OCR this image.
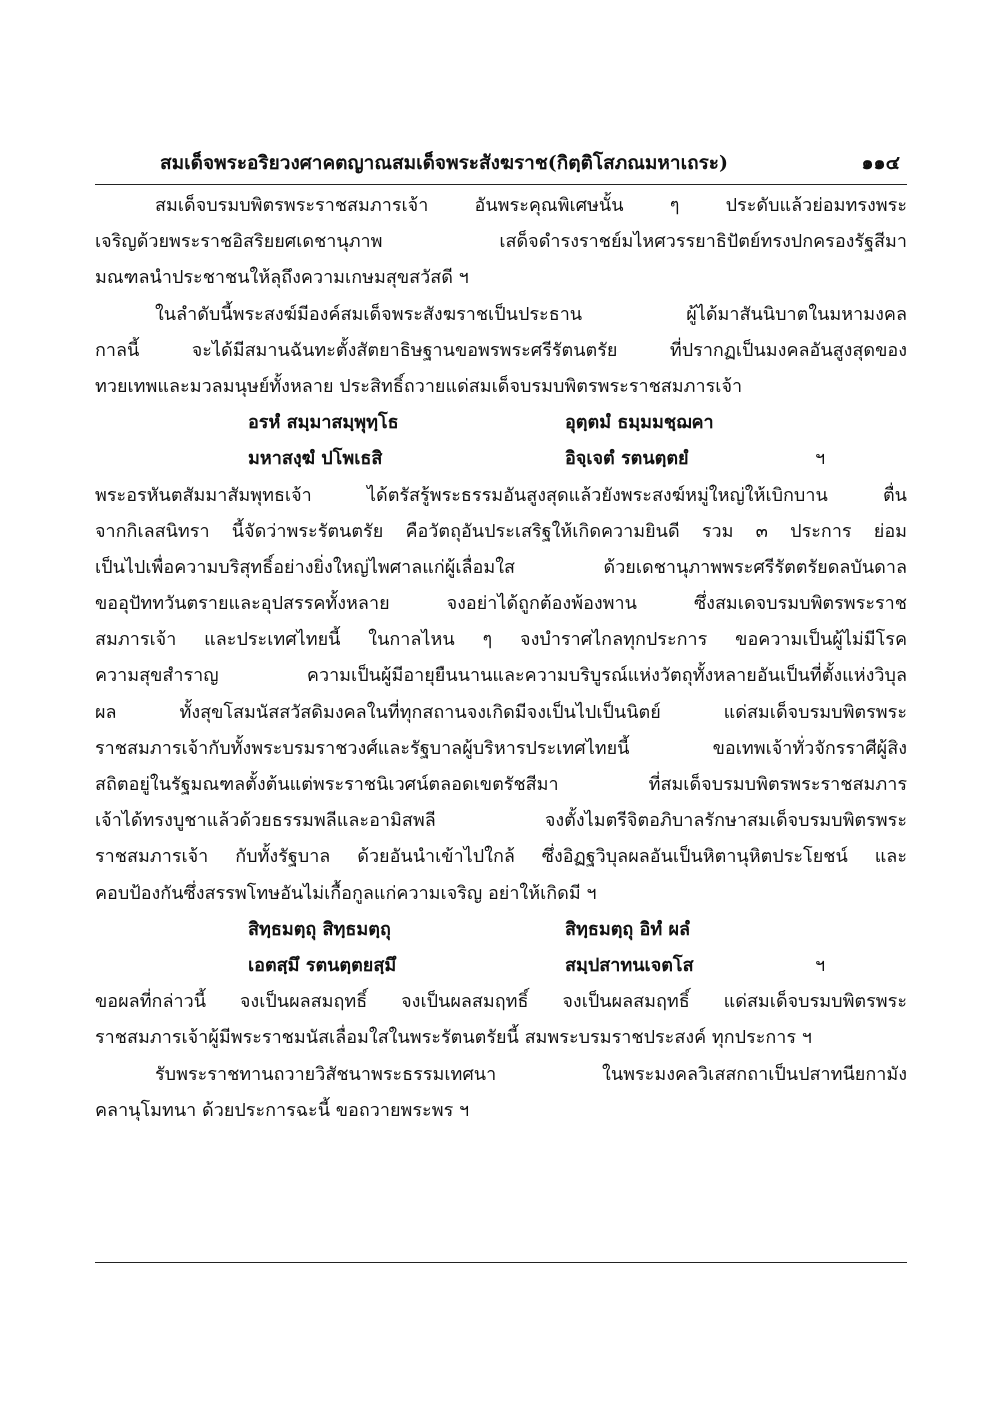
สมเด็จพระอริยวงศาคตญาณสมเด็จพระสังฆราช(กิตฺติโสภณมหาเถระ)	๑๑๔
สมเด็จบรมบพิตรพระราชสมภารเจ้า อันพระคุณพิเศษนั้น ๆ ประดับแล้วย่อมทรงพระ
เจริญด้วยพระราชอิสริยยศเดชานุภาพ เสด็จดำรงราชย์มไหศวรรยาธิปัตย์ทรงปกครองรัฐสีมา
มณฑลนำประชาชนให้ลุถึงความเกษมสุขสวัสดี ฯ
ในลำดับนี้พระสงฆ์มีองค์สมเด็จพระสังฆราชเป็นประธาน ผู้ได้มาสันนิบาตในมหามงคล
กาลนี้ จะได้มีสมานฉันทะตั้งสัตยาธิษฐานขอพรพระศรีรัตนตรัย ที่ปรากฏเป็นมงคลอันสูงสุดของ
ทวยเทพและมวลมนุษย์ทั้งหลาย ประสิทธิ์ถวายแด่สมเด็จบรมบพิตรพระราชสมภารเจ้า
อรหํ สมฺมาสมฺพุทฺโธ	อุตฺตมํ ธมฺมมชฺฌคา
มหาสงฺฆํ ปโพเธสิ	อิจฺเจตํ รตนตฺตยํ	ฯ
พระอรหันตสัมมาสัมพุทธเจ้า ได้ตรัสรู้พระธรรมอันสูงสุดแล้วยังพระสงฆ์หมู่ใหญ่ให้เบิกบาน ตื่น
จากกิเลสนิทรา นี้จัดว่าพระรัตนตรัย คือวัตถุอันประเสริฐให้เกิดความยินดี รวม ๓ ประการ ย่อม
เป็นไปเพื่อความบริสุทธิ์อย่างยิ่งใหญ่ไพศาลแก่ผู้เลื่อมใส ด้วยเดชานุภาพพระศรีรัตตรัยดลบันดาล
ขออุปัททวันตรายและอุปสรรคทั้งหลาย จงอย่าได้ถูกต้องพ้องพาน ซึ่งสมเดจบรมบพิตรพระราช
สมภารเจ้า และประเทศไทยนี้ ในกาลไหน ๆ จงบำราศไกลทุกประการ ขอความเป็นผู้ไม่มีโรค
ความสุขสำราญ ความเป็นผู้มีอายุยืนนานและความบริบูรณ์แห่งวัตถุทั้งหลายอันเป็นที่ตั้งแห่งวิบุล
ผล ทั้งสุขโสมนัสสวัสดิมงคลในที่ทุกสถานจงเกิดมีจงเป็นไปเป็นนิตย์ แด่สมเด็จบรมบพิตรพระ
ราชสมภารเจ้ากับทั้งพระบรมราชวงศ์และรัฐบาลผู้บริหารประเทศไทยนี้ ขอเทพเจ้าทั่วจักรราศีผู้สิง
สถิตอยู่ในรัฐมณฑลตั้งต้นแต่พระราชนิเวศน์ตลอดเขตรัชสีมา ที่สมเด็จบรมบพิตรพระราชสมภาร
เจ้าได้ทรงบูชาแล้วด้วยธรรมพลีและอามิสพลี จงตั้งไมตรีจิตอภิบาลรักษาสมเด็จบรมบพิตรพระ
ราชสมภารเจ้า กับทั้งรัฐบาล ด้วยอันนำเข้าไปใกล้ ซึ่งอิฏฐวิบุลผลอันเป็นหิตานุหิตประโยชน์ และ
คอบป้องกันซึ่งสรรพโทษอันไม่เกื้อกูลแก่ความเจริญ อย่าให้เกิดมี ฯ
สิทฺธมตฺถุ สิทฺธมตฺถุ	สิทฺธมตฺถุ อิทํ ผลํ
เอตสฺมึ รตนตฺตยสฺมึ	สมฺปสาทนเจตโส	ฯ
ขอผลที่กล่าวนี้ จงเป็นผลสมฤทธิ์ จงเป็นผลสมฤทธิ์ จงเป็นผลสมฤทธิ์ แด่สมเด็จบรมบพิตรพระ
ราชสมภารเจ้าผู้มีพระราชมนัสเลื่อมใสในพระรัตนตรัยนี้ สมพระบรมราชประสงค์ ทุกประการ ฯ
รับพระราชทานถวายวิสัชนาพระธรรมเทศนา ในพระมงคลวิเสสกถาเป็นปสาทนียกามัง
คลานุโมทนา ด้วยประการฉะนี้ ขอถวายพระพร ฯ
